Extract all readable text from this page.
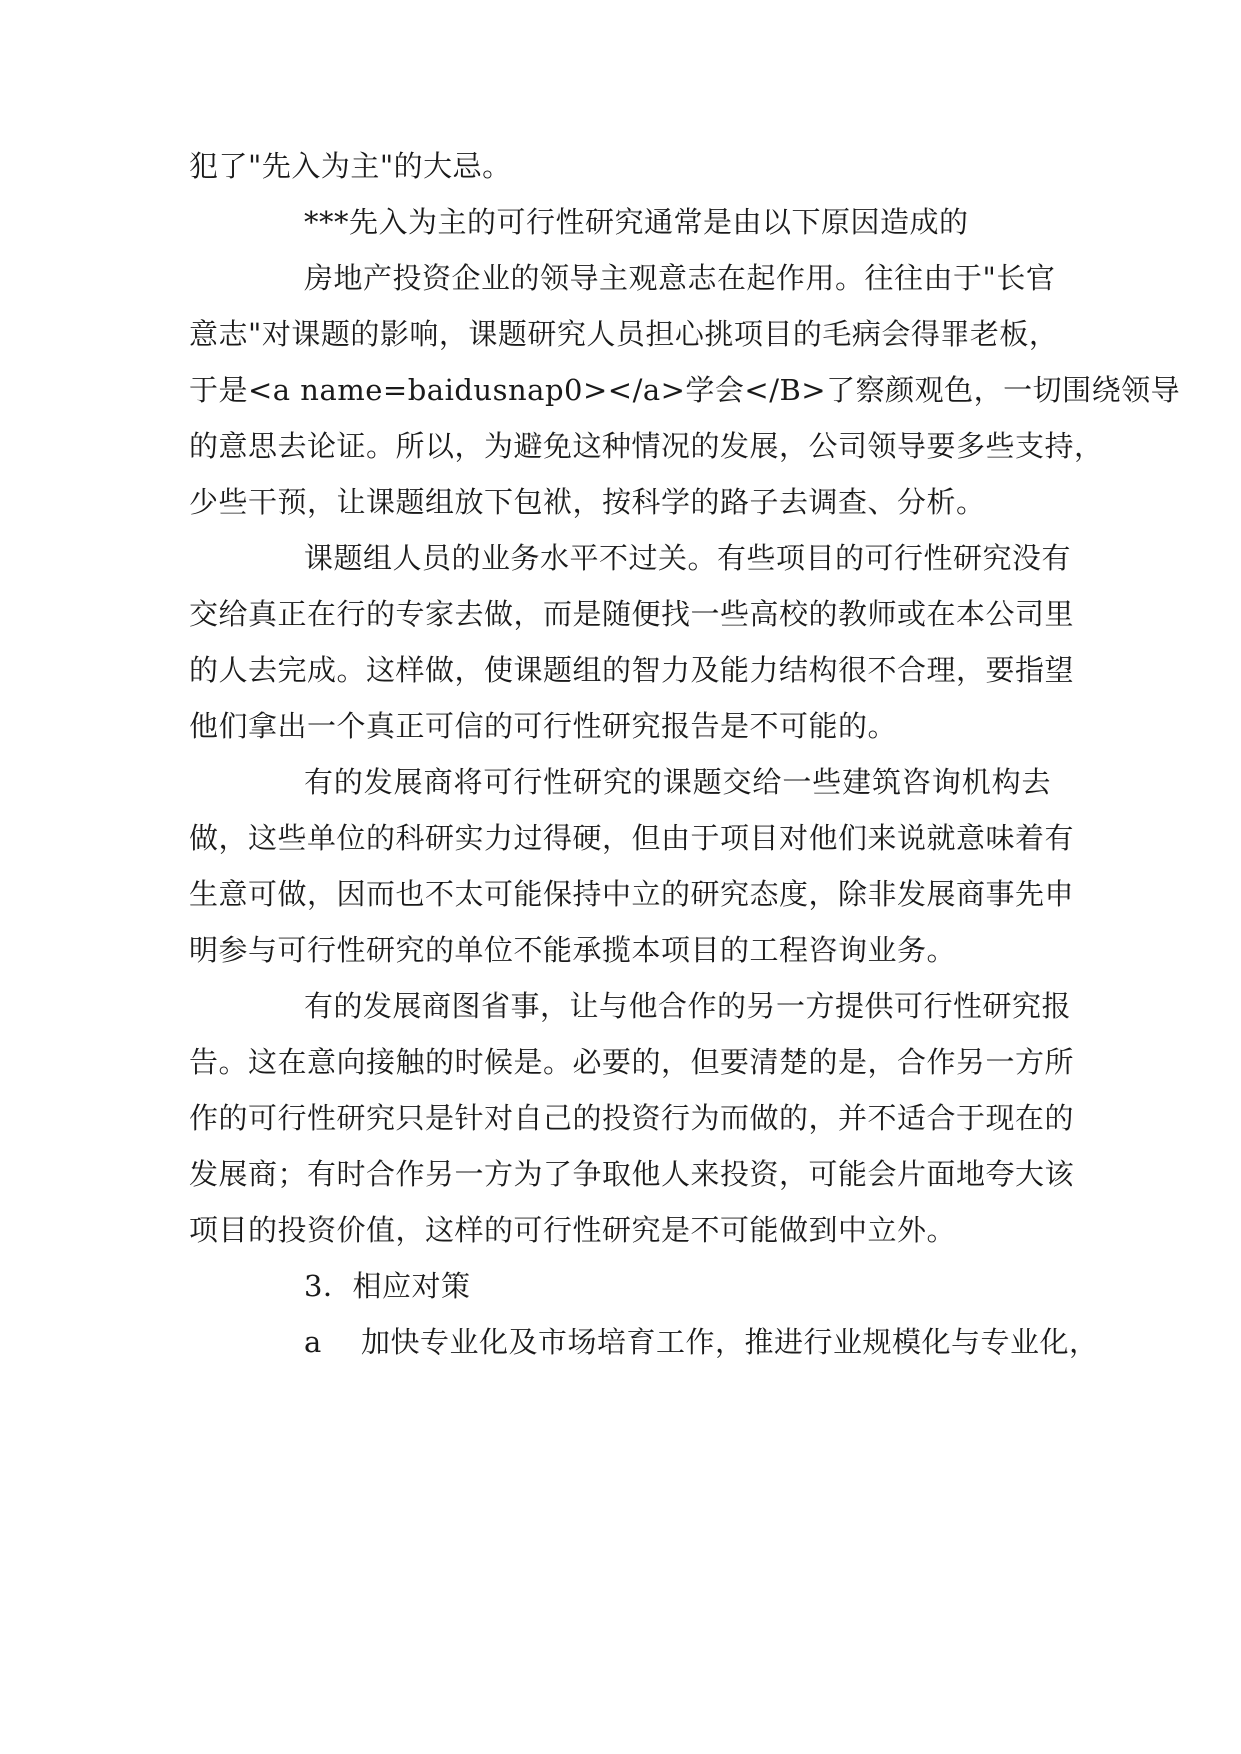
犯了"先入为主"的大忌。
***先入为主的可行性研究通常是由以下原因造成的
房地产投资企业的领导主观意志在起作用。往往由于"长官
意志"对课题的影响，课题研究人员担心挑项目的毛病会得罪老板，
于是<a name=baidusnap0></a>学会</B>了察颜观色，一切围绕领导
的意思去论证。所以，为避免这种情况的发展，公司领导要多些支持，
少些干预，让课题组放下包袱，按科学的路子去调查、分析。
课题组人员的业务水平不过关。有些项目的可行性研究没有
交给真正在行的专家去做，而是随便找一些高校的教师或在本公司里
的人去完成。这样做，使课题组的智力及能力结构很不合理，要指望
他们拿出一个真正可信的可行性研究报告是不可能的。
有的发展商将可行性研究的课题交给一些建筑咨询机构去
做，这些单位的科研实力过得硬，但由于项目对他们来说就意味着有
生意可做，因而也不太可能保持中立的研究态度，除非发展商事先申
明参与可行性研究的单位不能承揽本项目的工程咨询业务。
有的发展商图省事，让与他合作的另一方提供可行性研究报
告。这在意向接触的时候是。必要的，但要清楚的是，合作另一方所
作的可行性研究只是针对自己的投资行为而做的，并不适合于现在的
发展商；有时合作另一方为了争取他人来投资，可能会片面地夸大该
项目的投资价值，这样的可行性研究是不可能做到中立外。
3．相应对策
a　 加快专业化及市场培育工作，推进行业规模化与专业化，
